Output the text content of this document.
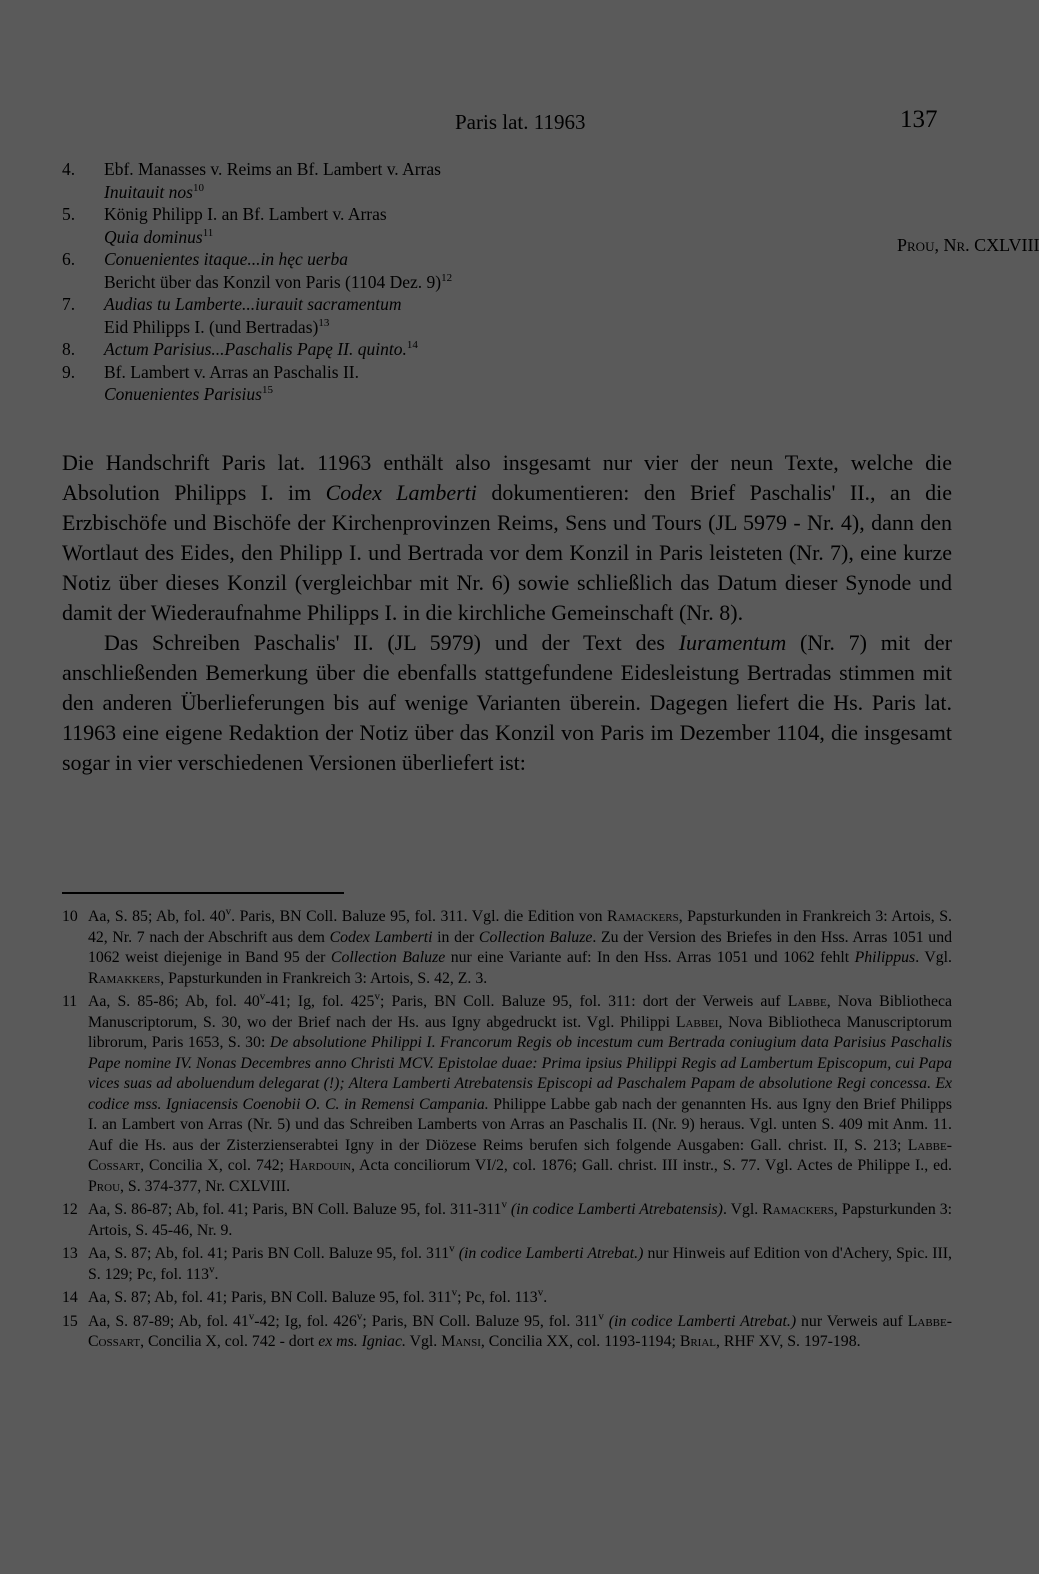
Paris lat. 11963	137
4. Ebf. Manasses v. Reims an Bf. Lambert v. Arras
Inuitauit nos$^{10}$
5. König Philipp I. an Bf. Lambert v. Arras
Quia dominus$^{11}$
6. Conuenientes itaque...in hęc uerba
Bericht über das Konzil von Paris (1104 Dez. 9)$^{12}$
7. Audias tu Lamberte...iurauit sacramentum
Eid Philipps I. (und Bertradas)$^{13}$
8. Actum Parisius...Paschalis Papę II. quinto.$^{14}$
9. Bf. Lambert v. Arras an Paschalis II.
Conuenientes Parisius$^{15}$
Prou, Nr. CXLVIII

Die Handschrift Paris lat. 11963 enthält also insgesamt nur vier der neun Texte, welche die Absolution Philipps I. im Codex Lamberti dokumentieren: den Brief Paschalis' II., an die Erzbischöfe und Bischöfe der Kirchenprovinzen Reims, Sens und Tours (JL 5979 - Nr. 4), dann den Wortlaut des Eides, den Philipp I. und Bertrada vor dem Konzil in Paris leisteten (Nr. 7), eine kurze Notiz über dieses Konzil (vergleichbar mit Nr. 6) sowie schließlich das Datum dieser Synode und damit der Wiederaufnahme Philipps I. in die kirchliche Gemeinschaft (Nr. 8).

Das Schreiben Paschalis' II. (JL 5979) und der Text des Iuramentum (Nr. 7) mit der anschließenden Bemerkung über die ebenfalls stattgefundene Eidesleistung Bertradas stimmen mit den anderen Überlieferungen bis auf wenige Varianten überein. Dagegen liefert die Hs. Paris lat. 11963 eine eigene Redaktion der Notiz über das Konzil von Paris im Dezember 1104, die insgesamt sogar in vier verschiedenen Versionen überliefert ist:

10 Aa, S. 85; Ab, fol. 40$^v$. Paris, BN Coll. Baluze 95, fol. 311. Vgl. die Edition von Ramackers, Papsturkunden in Frankreich 3: Artois, S. 42, Nr. 7 nach der Abschrift aus dem Codex Lamberti in der Collection Baluze. Zu der Version des Briefes in den Hss. Arras 1051 und 1062 weist diejenige in Band 95 der Collection Baluze nur eine Variante auf: In den Hss. Arras 1051 und 1062 fehlt Philippus. Vgl. Ramakkers, Papsturkunden in Frankreich 3: Artois, S. 42, Z. 3.
11 Aa, S. 85-86; Ab, fol. 40$^v$-41; Ig, fol. 425$^v$; Paris, BN Coll. Baluze 95, fol. 311: dort der Verweis auf Labbe, Nova Bibliotheca Manuscriptorum, S. 30, wo der Brief nach der Hs. aus Igny abgedruckt ist. Vgl. Philippi Labbei, Nova Bibliotheca Manuscriptorum librorum, Paris 1653, S. 30: De absolutione Philippi I. Francorum Regis ob incestum cum Bertrada coniugium data Parisius Paschalis Pape nomine IV. Nonas Decembres anno Christi MCV. Epistolae duae: Prima ipsius Philippi Regis ad Lambertum Episcopum, cui Papa vices suas ad aboluendum delegarat (!); Altera Lamberti Atrebatensis Episcopi ad Paschalem Papam de absolutione Regi concessa. Ex codice mss. Igniacensis Coenobii O. C. in Remensi Campania. Philippe Labbe gab nach der genannten Hs. aus Igny den Brief Philipps I. an Lambert von Arras (Nr. 5) und das Schreiben Lamberts von Arras an Paschalis II. (Nr. 9) heraus. Vgl. unten S. 409 mit Anm. 11. Auf die Hs. aus der Zisterzienserabtei Igny in der Diözese Reims berufen sich folgende Ausgaben: Gall. christ. II, S. 213; Labbe-Cossart, Concilia X, col. 742; Hardouin, Acta conciliorum VI/2, col. 1876; Gall. christ. III instr., S. 77. Vgl. Actes de Philippe I., ed. Prou, S. 374-377, Nr. CXLVIII.
12 Aa, S. 86-87; Ab, fol. 41; Paris, BN Coll. Baluze 95, fol. 311-311$^v$ (in codice Lamberti Atrebatensis). Vgl. Ramackers, Papsturkunden 3: Artois, S. 45-46, Nr. 9.
13 Aa, S. 87; Ab, fol. 41; Paris BN Coll. Baluze 95, fol. 311$^v$ (in codice Lamberti Atrebat.) nur Hinweis auf Edition von d'Achery, Spic. III, S. 129; Pc, fol. 113$^v$.
14 Aa, S. 87; Ab, fol. 41; Paris, BN Coll. Baluze 95, fol. 311$^v$; Pc, fol. 113$^v$.
15 Aa, S. 87-89; Ab, fol. 41$^v$-42; Ig, fol. 426$^v$; Paris, BN Coll. Baluze 95, fol. 311$^v$ (in codice Lamberti Atrebat.) nur Verweis auf Labbe-Cossart, Concilia X, col. 742 - dort ex ms. Igniac. Vgl. Mansi, Concilia XX, col. 1193-1194; Brial, RHF XV, S. 197-198.
